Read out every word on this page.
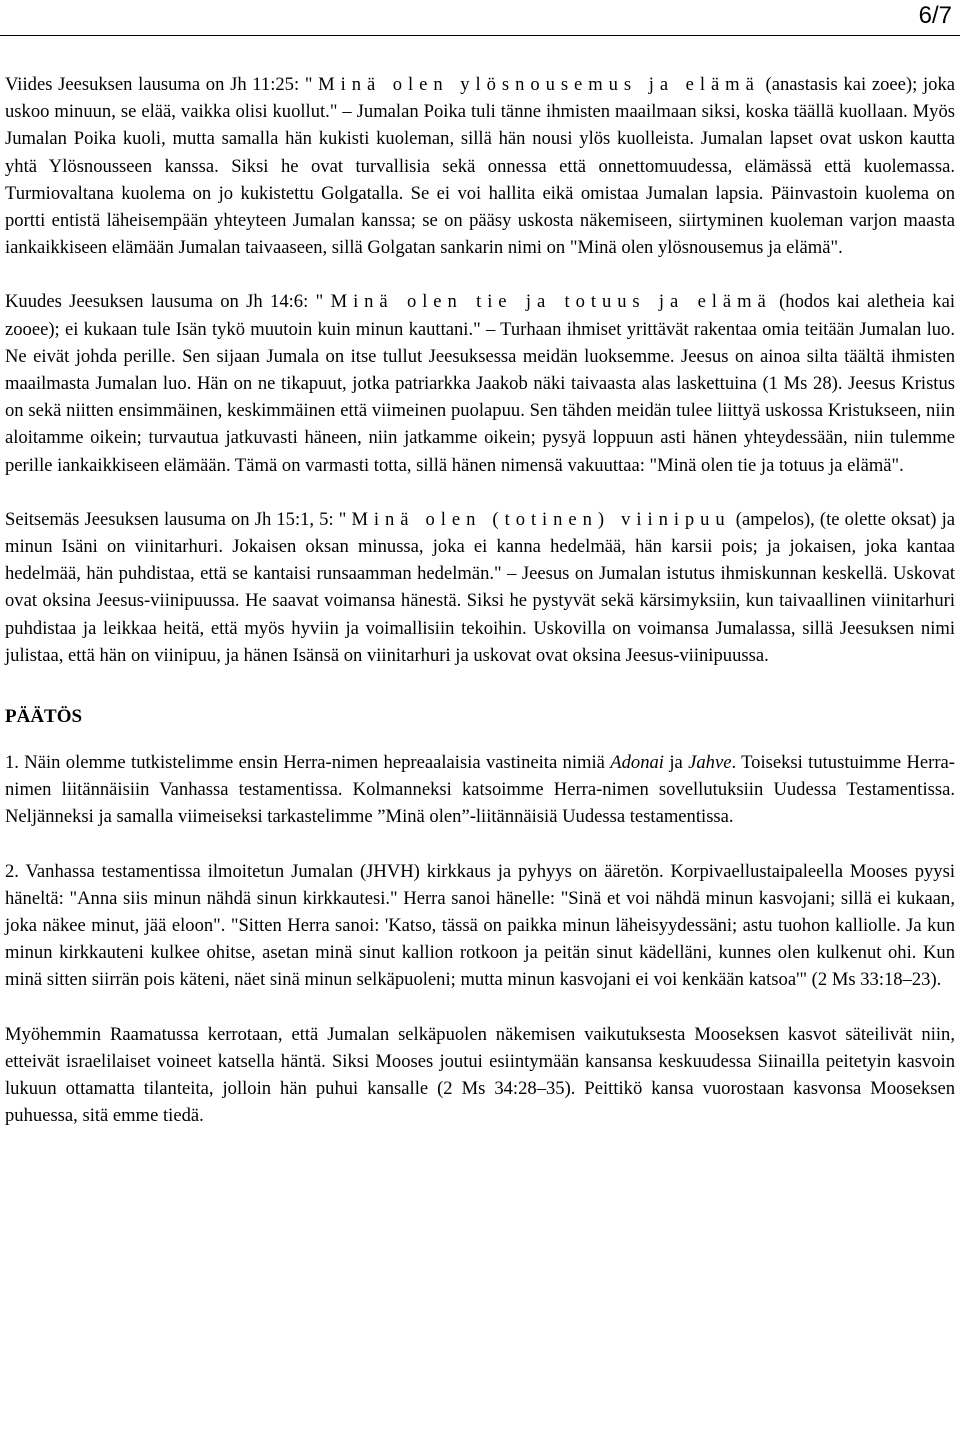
6/7

Viides Jeesuksen lausuma on Jh 11:25: " Minä olen ylösnousemus ja elämä (anastasis kai zoee); joka uskoo minuun, se elää, vaikka olisi kuollut." – Jumalan Poika tuli tänne ihmisten maailmaan siksi, koska täällä kuollaan. Myös Jumalan Poika kuoli, mutta samalla hän kukisti kuoleman, sillä hän nousi ylös kuolleista. Jumalan lapset ovat uskon kautta yhtä Ylösnousseen kanssa. Siksi he ovat turvallisia sekä onnessa että onnettomuudessa, elämässä että kuolemassa. Turmiovaltana kuolema on jo kukistettu Golgatalla. Se ei voi hallita eikä omistaa Jumalan lapsia. Päinvastoin kuolema on portti entistä läheisempään yhteyteen Jumalan kanssa; se on pääsy uskosta näkemiseen, siirtyminen kuoleman varjon maasta iankaikkiseen elämään Jumalan taivaaseen, sillä Golgatan sankarin nimi on "Minä olen ylösnousemus ja elämä".

Kuudes Jeesuksen lausuma on Jh 14:6: " Minä olen tie ja totuus ja elämä (hodos kai aletheia kai zooee); ei kukaan tule Isän tykö muutoin kuin minun kauttani." – Turhaan ihmiset yrittävät rakentaa omia teitään Jumalan luo. Ne eivät johda perille. Sen sijaan Jumala on itse tullut Jeesuksessa meidän luoksemme. Jeesus on ainoa silta täältä ihmisten maailmasta Jumalan luo. Hän on ne tikapuut, jotka patriarkka Jaakob näki taivaasta alas laskettuina (1 Ms 28). Jeesus Kristus on sekä niitten ensimmäinen, keskimmäinen että viimeinen puolapuu. Sen tähden meidän tulee liittyä uskossa Kristukseen, niin aloitamme oikein; turvautua jatkuvasti häneen, niin jatkamme oikein; pysyä loppuun asti hänen yhteydessään, niin tulemme perille iankaikkiseen elämään. Tämä on varmasti totta, sillä hänen nimensä vakuuttaa: "Minä olen tie ja totuus ja elämä".

Seitsemäs Jeesuksen lausuma on Jh 15:1, 5: " Minä olen (totinen) viinipuu (ampelos), (te olette oksat) ja minun Isäni on viinitarhuri. Jokaisen oksan minussa, joka ei kanna hedelmää, hän karsii pois; ja jokaisen, joka kantaa hedelmää, hän puhdistaa, että se kantaisi runsaamman hedelmän." – Jeesus on Jumalan istutus ihmiskunnan keskellä. Uskovat ovat oksina Jeesus-viinipuussa. He saavat voimansa hänestä. Siksi he pystyvät sekä kärsimyksiin, kun taivaallinen viinitarhuri puhdistaa ja leikkaa heitä, että myös hyviin ja voimallisiin tekoihin. Uskovilla on voimansa Jumalassa, sillä Jeesuksen nimi julistaa, että hän on viinipuu, ja hänen Isänsä on viinitarhuri ja uskovat ovat oksina Jeesus-viinipuussa.

PÄÄTÖS

1. Näin olemme tutkistelimme ensin Herra-nimen hepreaalaisia vastineita nimiä Adonai ja Jahve. Toiseksi tutustuimme Herra-nimen liitännäisiin Vanhassa testamentissa. Kolmanneksi katsoimme Herra-nimen sovellutuksiin Uudessa Testamentissa. Neljänneksi ja samalla viimeiseksi tarkastelimme ”Minä olen”-liitännäisiä Uudessa testamentissa.

2. Vanhassa testamentissa ilmoitetun Jumalan (JHVH) kirkkaus ja pyhyys on ääretön. Korpivaellustaipaleella Mooses pyysi häneltä: "Anna siis minun nähdä sinun kirkkautesi." Herra sanoi hänelle: "Sinä et voi nähdä minun kasvojani; sillä ei kukaan, joka näkee minut, jää eloon". "Sitten Herra sanoi: 'Katso, tässä on paikka minun läheisyydessäni; astu tuohon kalliolle. Ja kun minun kirkkauteni kulkee ohitse, asetan minä sinut kallion rotkoon ja peitän sinut kädelläni, kunnes olen kulkenut ohi. Kun minä sitten siirrän pois käteni, näet sinä minun selkäpuoleni; mutta minun kasvojani ei voi kenkään katsoa'" (2 Ms 33:18–23).

Myöhemmin Raamatussa kerrotaan, että Jumalan selkäpuolen näkemisen vaikutuksesta Mooseksen kasvot säteilivät niin, etteivät israelilaiset voineet katsella häntä. Siksi Mooses joutui esiintymään kansansa keskuudessa Siinailla peitetyin kasvoin lukuun ottamatta tilanteita, jolloin hän puhui kansalle (2 Ms 34:28–35). Peittikö kansa vuorostaan kasvonsa Mooseksen puhuessa, sitä emme tiedä.
